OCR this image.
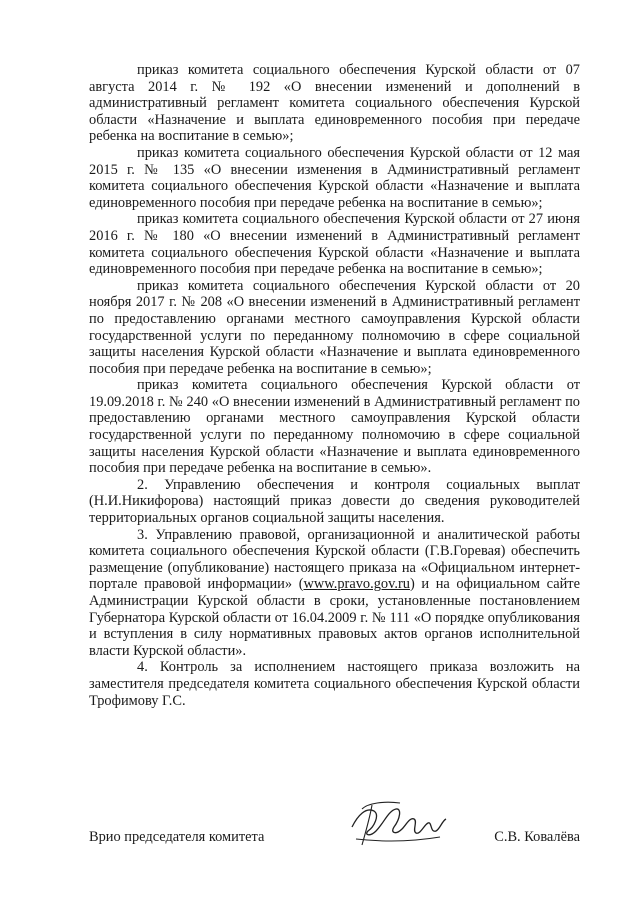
приказ комитета социального обеспечения Курской области от 07 августа 2014 г. № 192 «О внесении изменений и дополнений в административный регламент комитета социального обеспечения Курской области «Назначение и выплата единовременного пособия при передаче ребенка на воспитание в семью»;

приказ комитета социального обеспечения Курской области от 12 мая 2015 г. № 135 «О внесении изменения в Административный регламент комитета социального обеспечения Курской области «Назначение и выплата единовременного пособия при передаче ребенка на воспитание в семью»;

приказ комитета социального обеспечения Курской области от 27 июня 2016 г. № 180 «О внесении изменений в Административный регламент комитета социального обеспечения Курской области «Назначение и выплата единовременного пособия при передаче ребенка на воспитание в семью»;

приказ комитета социального обеспечения Курской области от 20 ноября 2017 г. № 208 «О внесении изменений в Административный регламент по предоставлению органами местного самоуправления Курской области государственной услуги по переданному полномочию в сфере социальной защиты населения Курской области «Назначение и выплата единовременного пособия при передаче ребенка на воспитание в семью»;

приказ комитета социального обеспечения Курской области от 19.09.2018 г. № 240 «О внесении изменений в Административный регламент по предоставлению органами местного самоуправления Курской области государственной услуги по переданному полномочию в сфере социальной защиты населения Курской области «Назначение и выплата единовременного пособия при передаче ребенка на воспитание в семью».

2. Управлению обеспечения и контроля социальных выплат (Н.И.Никифорова) настоящий приказ довести до сведения руководителей территориальных органов социальной защиты населения.

3. Управлению правовой, организационной и аналитической работы комитета социального обеспечения Курской области (Г.В.Горевая) обеспечить размещение (опубликование) настоящего приказа на «Официальном интернет-портале правовой информации» (www.pravo.gov.ru) и на официальном сайте Администрации Курской области в сроки, установленные постановлением Губернатора Курской области от 16.04.2009 г. № 111 «О порядке опубликования и вступления в силу нормативных правовых актов органов исполнительной власти Курской области».

4. Контроль за исполнением настоящего приказа возложить на заместителя председателя комитета социального обеспечения Курской области Трофимову Г.С.

Врио председателя комитета	С.В. Ковалёва
